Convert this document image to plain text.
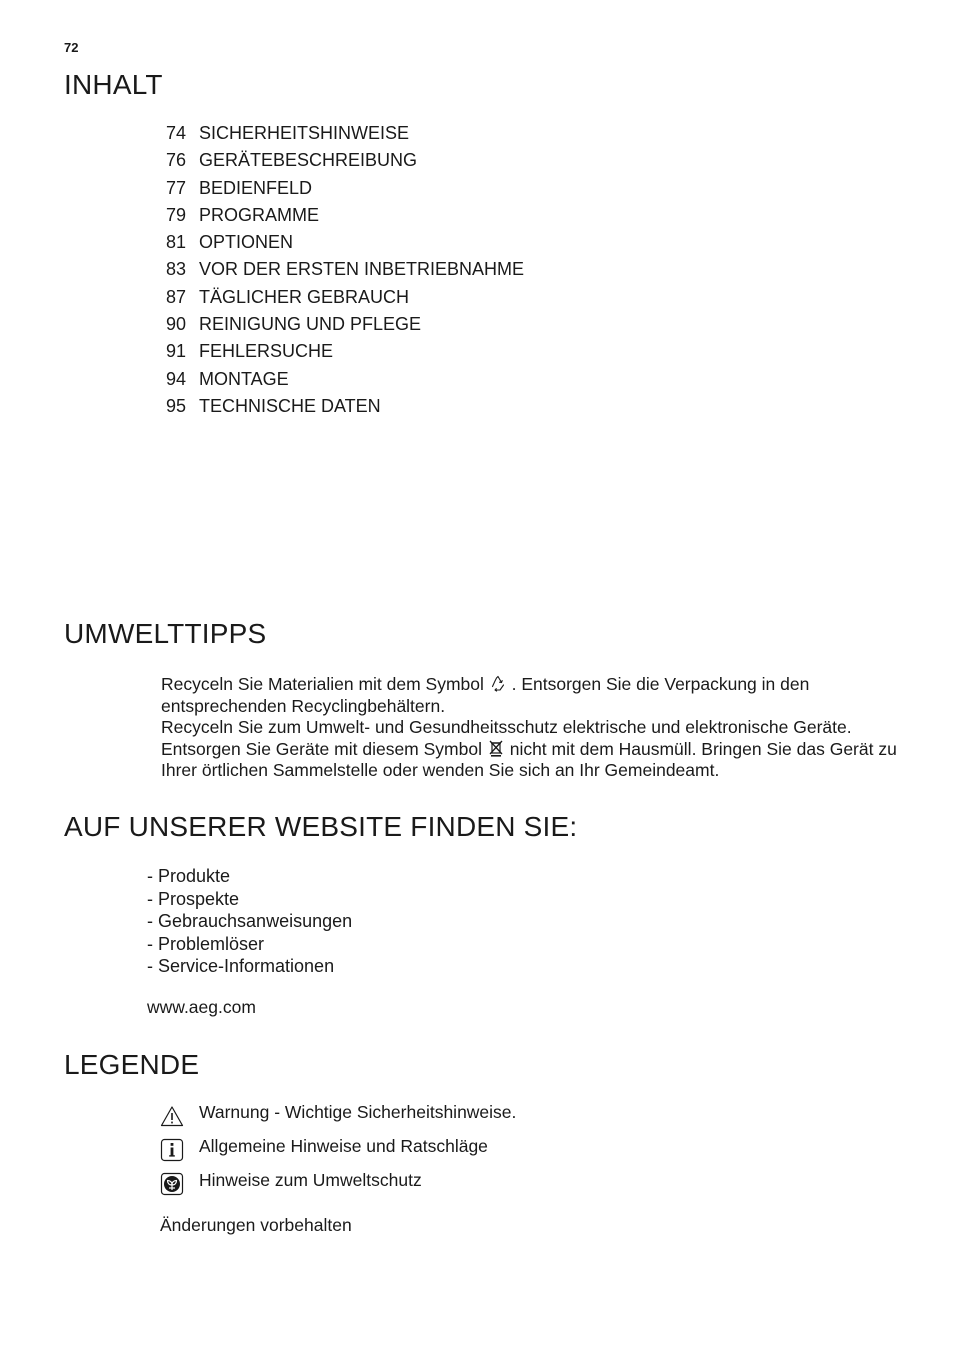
72
INHALT
74 SICHERHEITSHINWEISE
76 GERÄTEBESCHREIBUNG
77 BEDIENFELD
79 PROGRAMME
81 OPTIONEN
83 VOR DER ERSTEN INBETRIEBNAHME
87 TÄGLICHER GEBRAUCH
90 REINIGUNG UND PFLEGE
91 FEHLERSUCHE
94 MONTAGE
95 TECHNISCHE DATEN
UMWELTTIPPS

Recyceln Sie Materialien mit dem Symbol
. Entsorgen Sie die Verpackung in den entsprechenden Recyclingbehältern.

Recyceln Sie zum Umwelt- und Gesundheitsschutz elektrische und elektronische Geräte.

Entsorgen Sie Geräte mit diesem Symbol
nicht mit dem Hausmüll. Bringen Sie das Gerät zu Ihrer örtlichen Sammelstelle oder wenden Sie sich an Ihr Gemeindeamt.

AUF UNSERER WEBSITE FINDEN SIE:
- Produkte
- Prospekte
- Gebrauchsanweisungen
- Problemlöser
- Service-Informationen
www.aeg.com
LEGENDE
Warnung - Wichtige Sicherheitshinweise.
Allgemeine Hinweise und Ratschläge
Hinweise zum Umweltschutz
Änderungen vorbehalten
